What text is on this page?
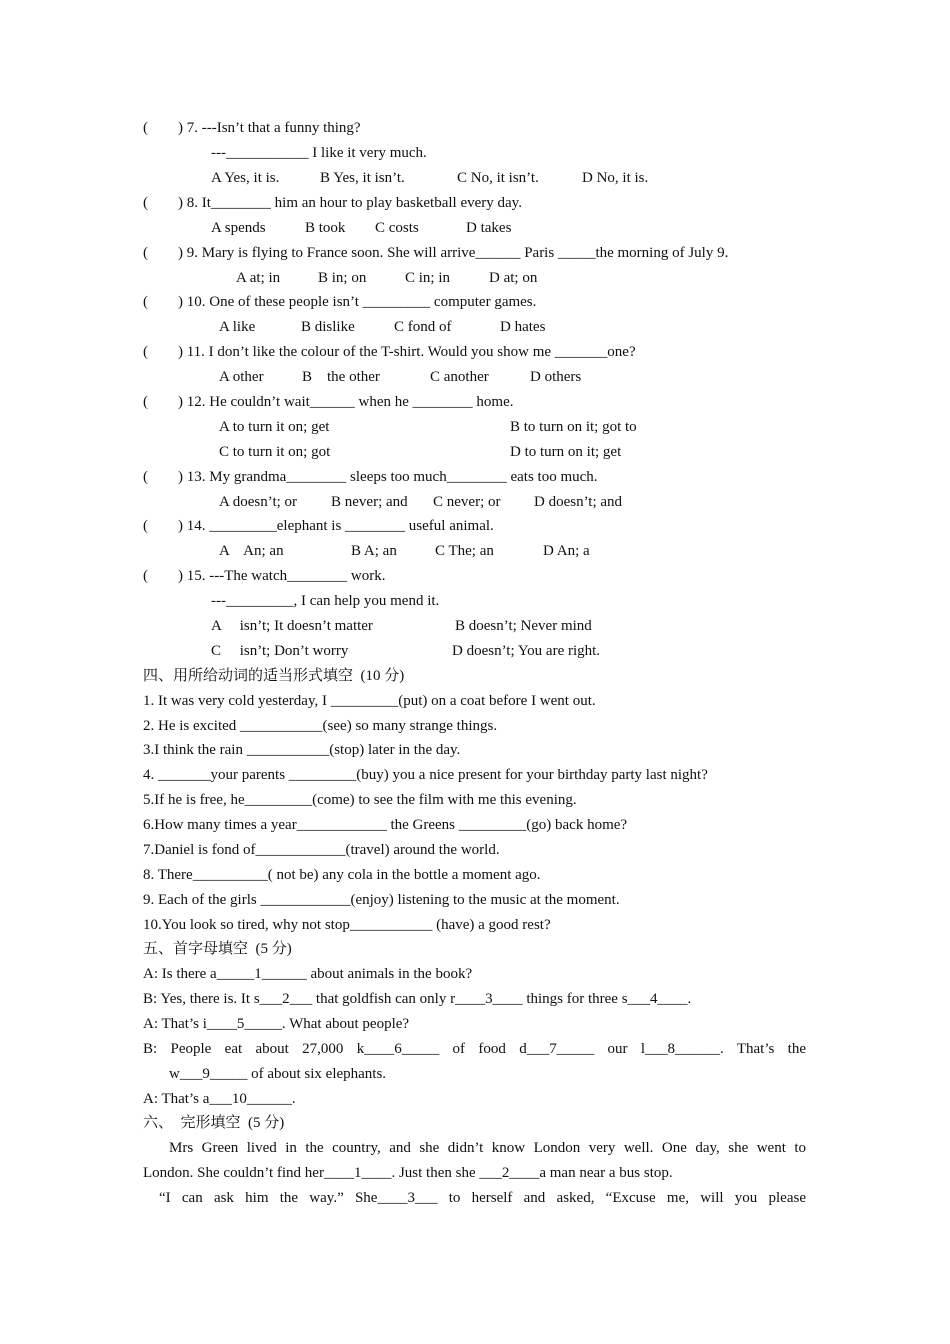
(        ) 7. ---Isn’t that a funny thing?
---___________ I like it very much.
A Yes, it is.	B Yes, it isn’t.	C No, it isn’t.	D No, it is.
(        ) 8. It________ him an hour to play basketball every day.
A spends	B took C costs	D takes
(        ) 9. Mary is flying to France soon. She will arrive______ Paris _____the morning of July 9.
A at; in	B in; on	C in; in	D at; on
(        ) 10. One of these people isn’t _________ computer games.
A like	B dislike	C fond of	D hates
(        ) 11. I don’t like the colour of the T-shirt. Would you show me _______one?
A other	B    the other	C another	D others
(        ) 12. He couldn’t wait______ when he ________ home.
A to turn it on; get	B to turn on it; got to
C to turn it on; got	D to turn on it; get
(        ) 13. My grandma________ sleeps too much________ eats too much.
A doesn’t; or B never; and C never; or D doesn’t; and
(        ) 14. _________elephant is ________ useful animal.
A    An; an	B A; an	C The; an	D An; a
(        ) 15. ---The watch________ work.
---_________, I can help you mend it.
A     isn’t; It doesn’t matter	B doesn’t; Never mind
C     isn’t; Don’t worry	D doesn’t; You are right.
四、用所给动词的适当形式填空  (10 分)
1. It was very cold yesterday, I _________(put) on a coat before I went out.
2. He is excited ___________(see) so many strange things.
3.I think the rain ___________(stop) later in the day.
4. _______your parents _________(buy) you a nice present for your birthday party last night?
5.If he is free, he_________(come) to see the film with me this evening.
6.How many times a year____________ the Greens _________(go) back home?
7.Daniel is fond of____________(travel) around the world.
8. There__________( not be) any cola in the bottle a moment ago.
9. Each of the girls ____________(enjoy) listening to the music at the moment.
10.You look so tired, why not stop___________ (have) a good rest?
五、首字母填空  (5 分)
A: Is there a_____1______ about animals in the book?
B: Yes, there is. It s___2___ that goldfish can only r____3____ things for three s___4____.
A: That’s i____5_____. What about people?
B: People eat about 27,000 k____6_____ of food d___7_____ our l___8______. That’s the
w___9_____ of about six elephants.
A: That’s a___10______.
六、  完形填空  (5 分)
Mrs Green lived in the country, and she didn’t know London very well. One day, she went to
London. She couldn’t find her____1____. Just then she ___2____a man near a bus stop.
“I can ask him the way.” She____3___ to herself and asked, “Excuse me, will you please
